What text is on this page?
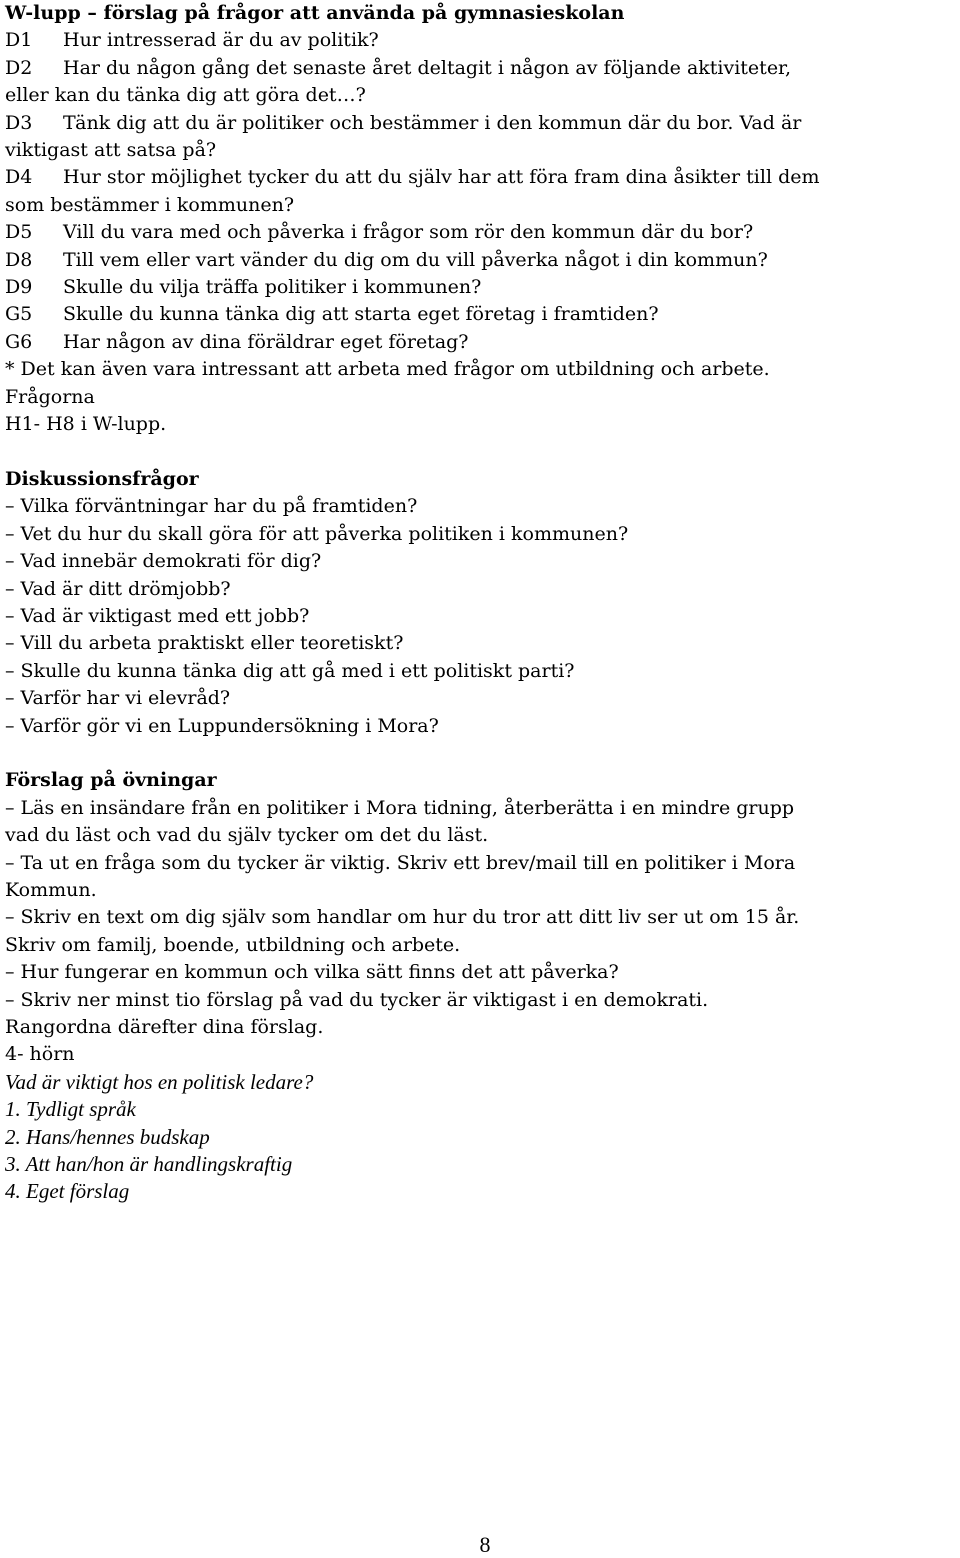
W-lupp – förslag på frågor att använda på gymnasieskolan
D1	Hur intresserad är du av politik?
D2	Har du någon gång det senaste året deltagit i någon av följande aktiviteter,
eller kan du tänka dig att göra det…?
D3	Tänk dig att du är politiker och bestämmer i den kommun där du bor. Vad är
viktigast att satsa på?
D4	Hur stor möjlighet tycker du att du själv har att föra fram dina åsikter till dem
som bestämmer i kommunen?
D5	Vill du vara med och påverka i frågor som rör den kommun där du bor?
D8	Till vem eller vart vänder du dig om du vill påverka något i din kommun?
D9	Skulle du vilja träffa politiker i kommunen?
G5	Skulle du kunna tänka dig att starta eget företag i framtiden?
G6	Har någon av dina föräldrar eget företag?
* Det kan även vara intressant att arbeta med frågor om utbildning och arbete.
Frågorna
H1- H8 i W-lupp.
Diskussionsfrågor
– Vilka förväntningar har du på framtiden?
– Vet du hur du skall göra för att påverka politiken i kommunen?
– Vad innebär demokrati för dig?
– Vad är ditt drömjobb?
– Vad är viktigast med ett jobb?
– Vill du arbeta praktiskt eller teoretiskt?
– Skulle du kunna tänka dig att gå med i ett politiskt parti?
– Varför har vi elevråd?
– Varför gör vi en Luppundersökning i Mora?
Förslag på övningar
– Läs en insändare från en politiker i Mora tidning, återberätta i en mindre grupp
vad du läst och vad du själv tycker om det du läst.
– Ta ut en fråga som du tycker är viktig. Skriv ett brev/mail till en politiker i Mora
Kommun.
– Skriv en text om dig själv som handlar om hur du tror att ditt liv ser ut om 15 år.
Skriv om familj, boende, utbildning och arbete.
– Hur fungerar en kommun och vilka sätt finns det att påverka?
– Skriv ner minst tio förslag på vad du tycker är viktigast i en demokrati.
Rangordna därefter dina förslag.
4- hörn
Vad är viktigt hos en politisk ledare?
1. Tydligt språk
2. Hans/hennes budskap
3. Att han/hon är handlingskraftig
4. Eget förslag
8
